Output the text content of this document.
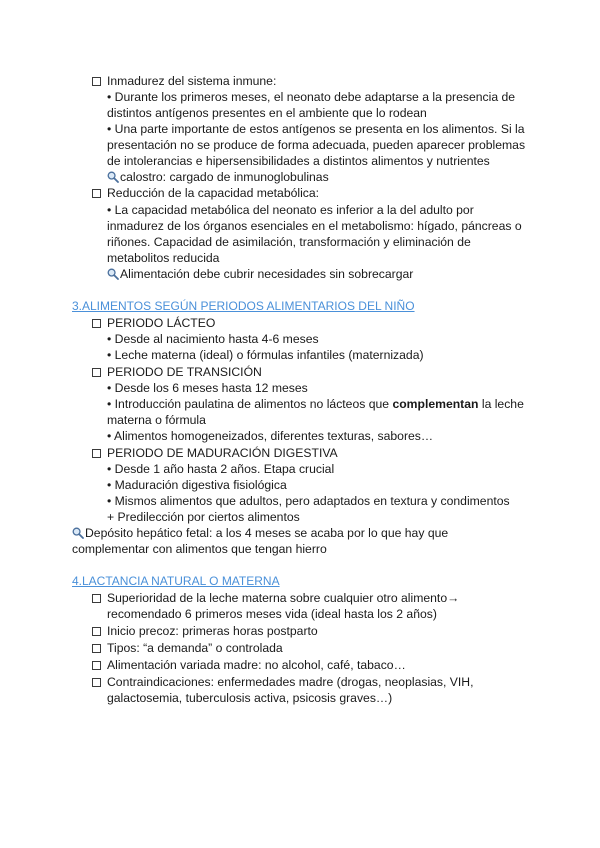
Inmadurez del sistema inmune:
• Durante los primeros meses, el neonato debe adaptarse a la presencia de
distintos antígenos presentes en el ambiente que lo rodean
• Una parte importante de estos antígenos se presenta en los alimentos. Si la
presentación no se produce de forma adecuada, pueden aparecer problemas
de intolerancias e hipersensibilidades a distintos alimentos y nutrientes
calostro: cargado de inmunoglobulinas
Reducción de la capacidad metabólica:
• La capacidad metabólica del neonato es inferior a la del adulto por
inmadurez de los órganos esenciales en el metabolismo: hígado, páncreas o
riñones. Capacidad de asimilación, transformación y eliminación de
metabolitos reducida
Alimentación debe cubrir necesidades sin sobrecargar
3.ALIMENTOS SEGÚN PERIODOS ALIMENTARIOS DEL NIÑO
PERIODO LÁCTEO
• Desde al nacimiento hasta 4-6 meses
• Leche materna (ideal) o fórmulas infantiles (maternizada)
PERIODO DE TRANSICIÓN
• Desde los 6 meses hasta 12 meses
• Introducción paulatina de alimentos no lácteos que complementan la leche
materna o fórmula
• Alimentos homogeneizados, diferentes texturas, sabores…
PERIODO DE MADURACIÓN DIGESTIVA
• Desde 1 año hasta 2 años. Etapa crucial
• Maduración digestiva fisiológica
• Mismos alimentos que adultos, pero adaptados en textura y condimentos
+ Predilección por ciertos alimentos
Depósito hepático fetal: a los 4 meses se acaba por lo que hay que
complementar con alimentos que tengan hierro
4.LACTANCIA NATURAL O MATERNA
Superioridad de la leche materna sobre cualquier otro alimento→
recomendado 6 primeros meses vida (ideal hasta los 2 años)
Inicio precoz: primeras horas postparto
Tipos: “a demanda” o controlada
Alimentación variada madre: no alcohol, café, tabaco…
Contraindicaciones: enfermedades madre (drogas, neoplasias, VIH,
galactosemia, tuberculosis activa, psicosis graves…)
